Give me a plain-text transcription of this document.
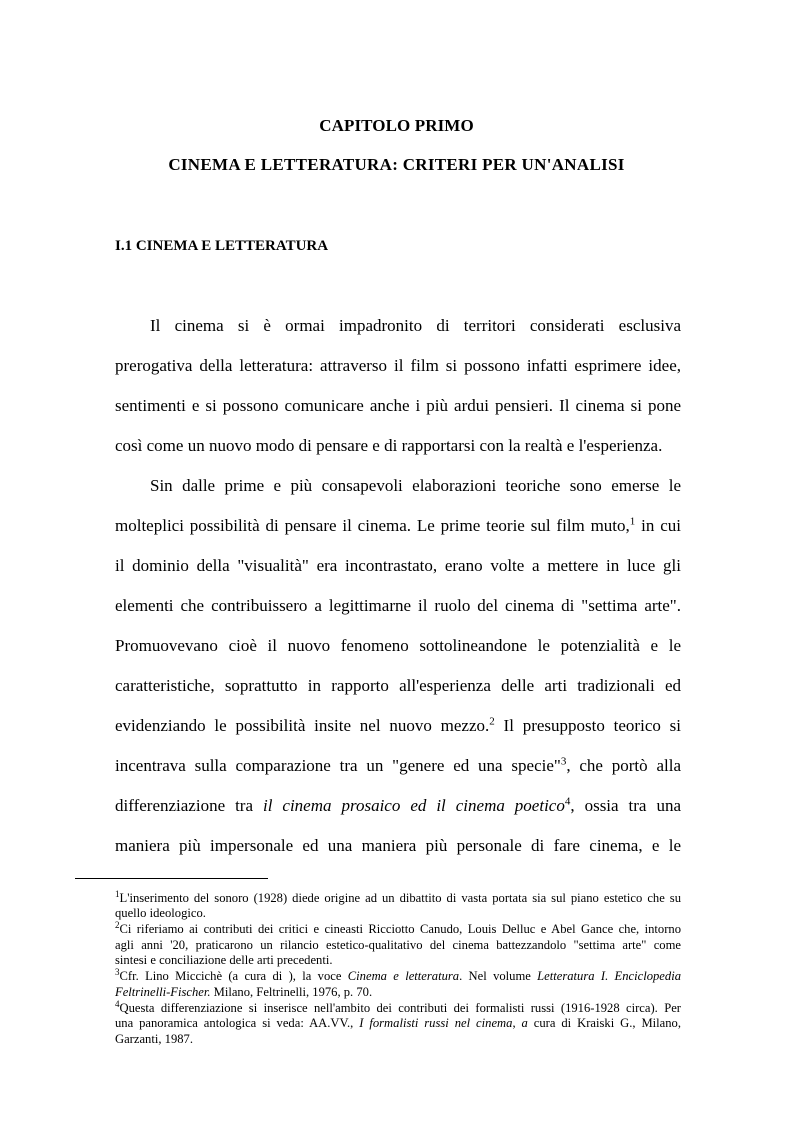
CAPITOLO PRIMO
CINEMA E LETTERATURA: CRITERI PER UN'ANALISI
I.1 CINEMA E LETTERATURA
Il cinema si è ormai impadronito di territori considerati esclusiva
prerogativa della letteratura: attraverso il film si possono infatti esprimere idee,
sentimenti e si possono comunicare anche i più ardui pensieri. Il cinema si pone
così come un nuovo modo di pensare e di rapportarsi con la realtà e l'esperienza.
Sin dalle prime e più consapevoli elaborazioni teoriche sono emerse le
molteplici possibilità di pensare il cinema. Le prime teorie sul film muto,$^1$ in cui
il dominio della "visualità" era incontrastato, erano volte a mettere in luce gli
elementi che contribuissero a legittimarne il ruolo del cinema di "settima arte".
Promuovevano cioè il nuovo fenomeno sottolineandone le potenzialità e le
caratteristiche, soprattutto in rapporto all'esperienza delle arti tradizionali ed
evidenziando le possibilità insite nel nuovo mezzo.$^2$ Il presupposto teorico si
incentrava sulla comparazione tra un "genere ed una specie"$^3$, che portò alla
differenziazione tra il cinema prosaico ed il cinema poetico$^4$, ossia tra una
maniera più impersonale ed una maniera più personale di fare cinema, e le
$^1$L'inserimento del sonoro (1928) diede origine ad un dibattito di vasta portata sia sul piano estetico che su
quello ideologico.
$^2$Ci riferiamo ai contributi dei critici e cineasti Ricciotto Canudo, Louis Delluc e Abel Gance che, intorno
agli anni '20, praticarono un rilancio estetico-qualitativo del cinema battezzandolo "settima arte" come
sintesi e conciliazione delle arti precedenti.
$^3$Cfr. Lino Miccichè (a cura di ), la voce Cinema e letteratura. Nel volume Letteratura I. Enciclopedia
Feltrinelli-Fischer. Milano, Feltrinelli, 1976, p. 70.
$^4$Questa differenziazione si inserisce nell'ambito dei contributi dei formalisti russi (1916-1928 circa). Per
una panoramica antologica si veda: AA.VV., I formalisti russi nel cinema, a cura di Kraiski G., Milano,
Garzanti, 1987.
